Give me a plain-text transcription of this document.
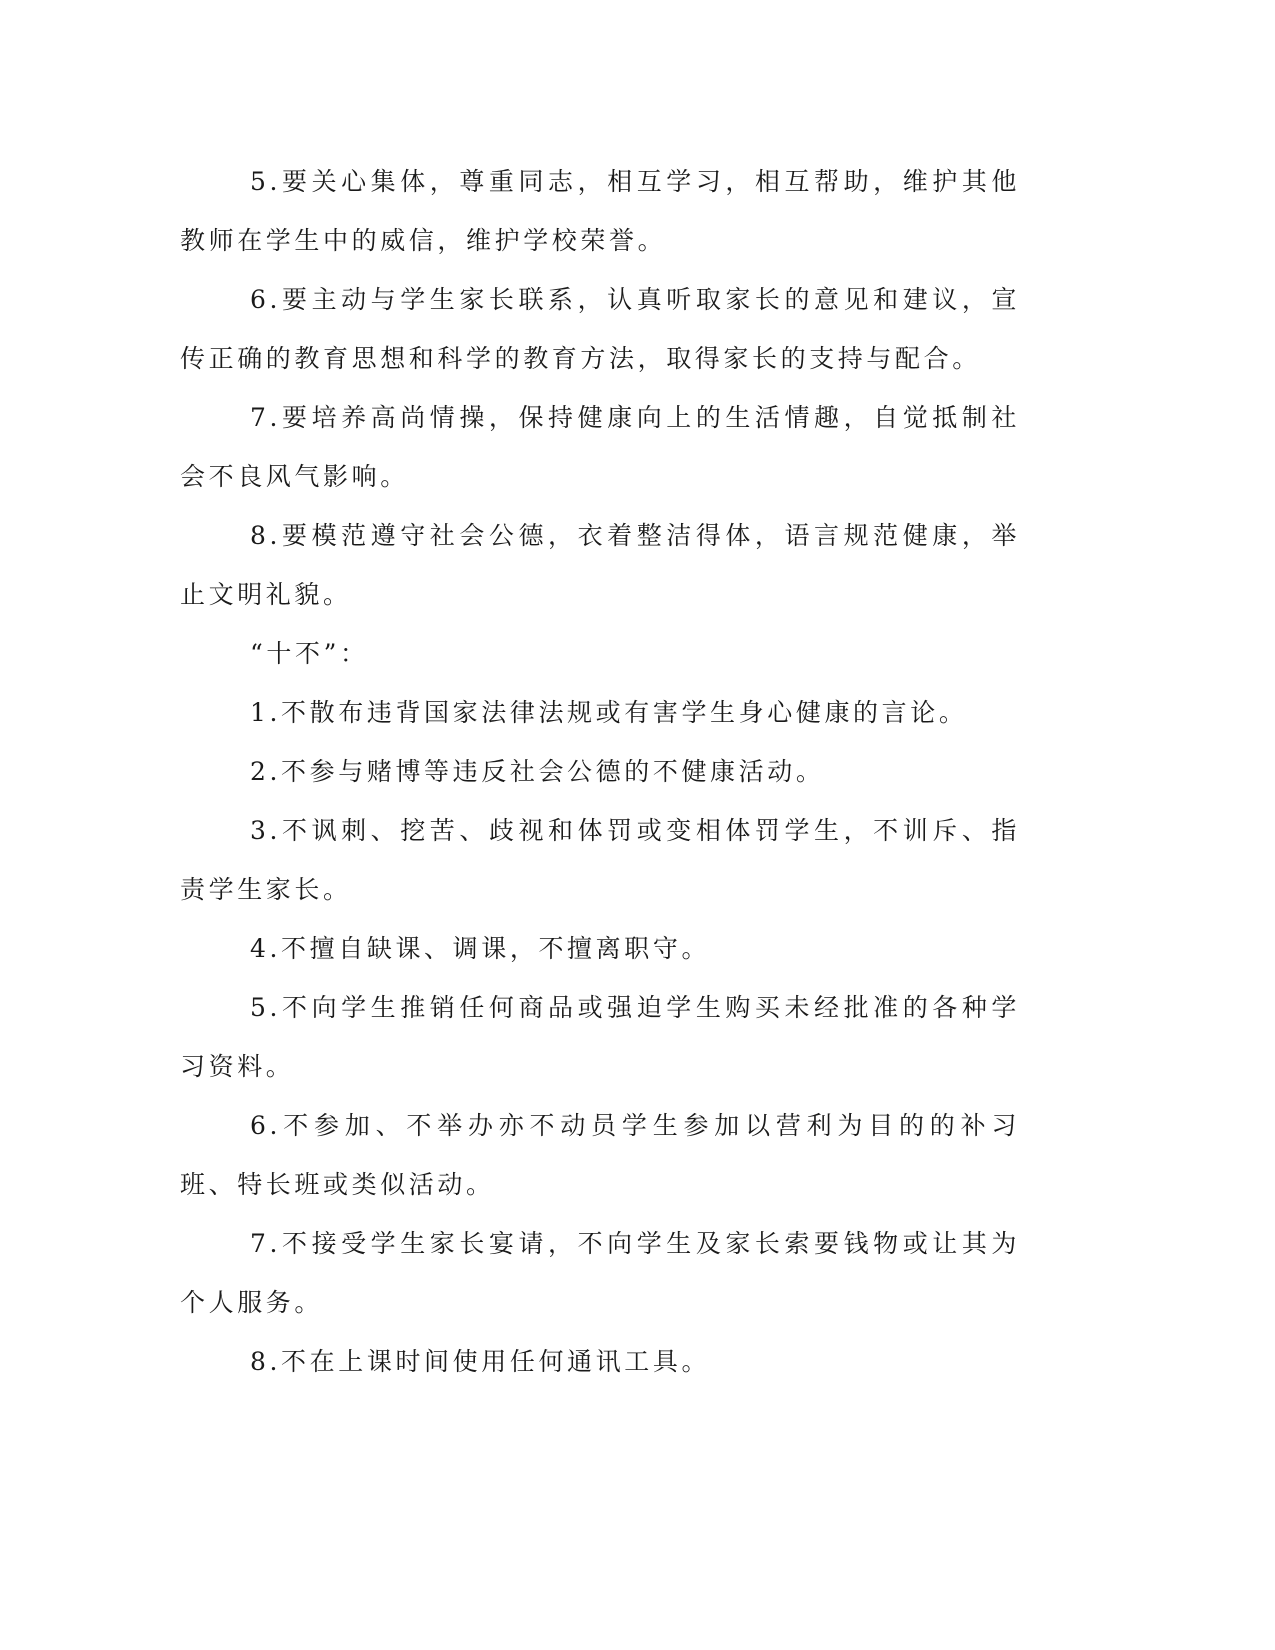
5.要关心集体，尊重同志，相互学习，相互帮助，维护其他教师在学生中的威信，维护学校荣誉。

6.要主动与学生家长联系，认真听取家长的意见和建议，宣传正确的教育思想和科学的教育方法，取得家长的支持与配合。

7.要培养高尚情操，保持健康向上的生活情趣，自觉抵制社会不良风气影响。

8.要模范遵守社会公德，衣着整洁得体，语言规范健康，举止文明礼貌。

“十不”：

1.不散布违背国家法律法规或有害学生身心健康的言论。

2.不参与赌博等违反社会公德的不健康活动。

3.不讽刺、挖苦、歧视和体罚或变相体罚学生，不训斥、指责学生家长。

4.不擅自缺课、调课，不擅离职守。

5.不向学生推销任何商品或强迫学生购买未经批准的各种学习资料。

6.不参加、不举办亦不动员学生参加以营利为目的的补习班、特长班或类似活动。

7.不接受学生家长宴请，不向学生及家长索要钱物或让其为个人服务。

8.不在上课时间使用任何通讯工具。
